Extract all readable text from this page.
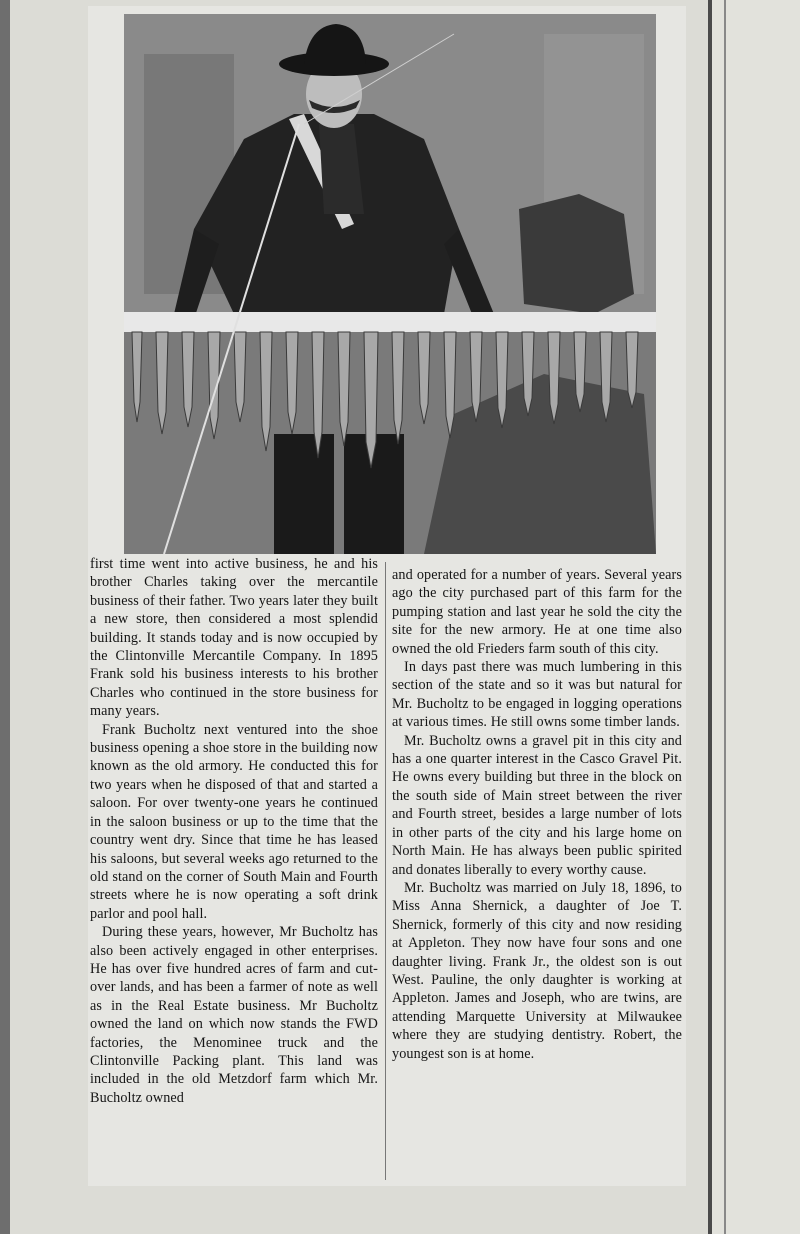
first time went into active business, he and his brother Charles taking over the mercantile business of their father. Two years later they built a new store, then considered a most splendid building. It stands today and is now occupied by the Clintonville Mercantile Company. In 1895 Frank sold his business interests to his brother Charles who continued in the store business for many years.

Frank Bucholtz next ventured into the shoe business opening a shoe store in the building now known as the old armory. He conducted this for two years when he disposed of that and started a saloon. For over twenty-one years he continued in the saloon business or up to the time that the country went dry. Since that time he has leased his saloons, but several weeks ago returned to the old stand on the corner of South Main and Fourth streets where he is now operating a soft drink parlor and pool hall.

During these years, however, Mr Bucholtz has also been actively engaged in other enterprises. He has over five hundred acres of farm and cut-over lands, and has been a farmer of note as well as in the Real Estate business. Mr Bucholtz owned the land on which now stands the FWD factories, the Menominee truck and the Clintonville Packing plant. This land was included in the old Metzdorf farm which Mr. Bucholtz owned

and operated for a number of years. Several years ago the city purchased part of this farm for the pumping station and last year he sold the city the site for the new armory. He at one time also owned the old Frieders farm south of this city.

In days past there was much lumbering in this section of the state and so it was but natural for Mr. Bucholtz to be engaged in logging operations at various times. He still owns some timber lands.

Mr. Bucholtz owns a gravel pit in this city and has a one quarter interest in the Casco Gravel Pit. He owns every building but three in the block on the south side of Main street between the river and Fourth street, besides a large number of lots in other parts of the city and his large home on North Main. He has always been public spirited and donates liberally to every worthy cause.

Mr. Bucholtz was married on July 18, 1896, to Miss Anna Shernick, a daughter of Joe T. Shernick, formerly of this city and now residing at Appleton. They now have four sons and one daughter living. Frank Jr., the oldest son is out West. Pauline, the only daughter is working at Appleton. James and Joseph, who are twins, are attending Marquette University at Milwaukee where they are studying dentistry. Robert, the youngest son is at home.
